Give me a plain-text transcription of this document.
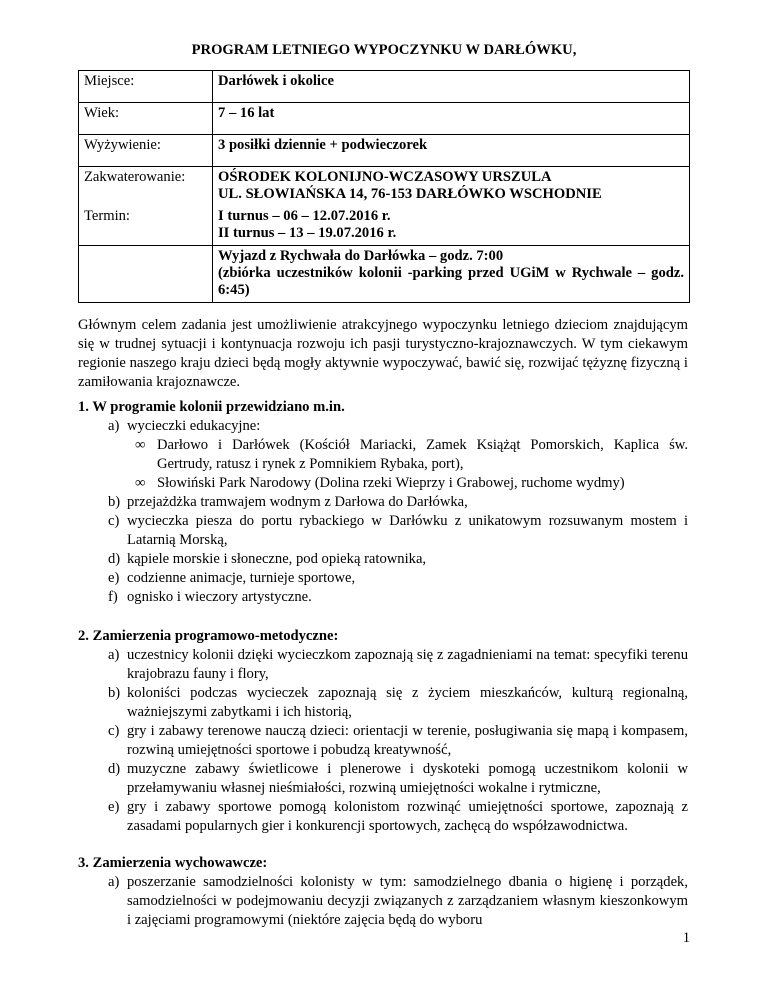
PROGRAM LETNIEGO WYPOCZYNKU W DARŁÓWKU,
Miejsce:	Darłówek i okolice
Wiek:	7 – 16 lat
Wyżywienie:	3 posiłki dziennie + podwieczorek

Zakwaterowanie:	OŚRODEK KOLONIJNO-WCZASOWY URSZULA
UL. SŁOWIAŃSKA 14, 76-153 DARŁÓWKO WSCHODNIE

Termin:	I turnus – 06 – 12.07.2016 r.
II turnus – 13 – 19.07.2016 r.

	Wyjazd z Rychwała do Darłówka – godz. 7:00
(zbiórka uczestników kolonii -parking przed UGiM w Rychwale – godz. 6:45)

Głównym celem zadania jest umożliwienie atrakcyjnego wypoczynku letniego dzieciom znajdującym się w trudnej sytuacji i kontynuacja rozwoju ich pasji turystyczno-krajoznawczych. W tym ciekawym regionie naszego kraju dzieci będą mogły aktywnie wypoczywać, bawić się, rozwijać tężyznę fizyczną i zamiłowania krajoznawcze.

1. W programie kolonii przewidziano m.in.
a) wycieczki edukacyjne:
∞ Darłowo i Darłówek (Kościół Mariacki, Zamek Książąt Pomorskich, Kaplica św. Gertrudy, ratusz i rynek z Pomnikiem Rybaka, port),
∞ Słowiński Park Narodowy (Dolina rzeki Wieprzy i Grabowej, ruchome wydmy)
b) przejażdżka tramwajem wodnym z Darłowa do Darłówka,
c) wycieczka piesza do portu rybackiego w Darłówku z unikatowym rozsuwanym mostem i Latarnią Morską,
d) kąpiele morskie i słoneczne, pod opieką ratownika,
e) codzienne animacje, turnieje sportowe,
f) ognisko i wieczory artystyczne.
2. Zamierzenia programowo-metodyczne:
a) uczestnicy kolonii dzięki wycieczkom zapoznają się z zagadnieniami na temat: specyfiki terenu krajobrazu fauny i flory,
b) koloniści podczas wycieczek zapoznają się z życiem mieszkańców, kulturą regionalną, ważniejszymi zabytkami i ich historią,
c) gry i zabawy terenowe nauczą dzieci: orientacji w terenie, posługiwania się mapą i kompasem, rozwiną umiejętności sportowe i pobudzą kreatywność,
d) muzyczne zabawy świetlicowe i plenerowe i dyskoteki pomogą uczestnikom kolonii w przełamywaniu własnej nieśmiałości, rozwiną umiejętności wokalne i rytmiczne,
e) gry i zabawy sportowe pomogą kolonistom rozwinąć umiejętności sportowe, zapoznają z zasadami popularnych gier i konkurencji sportowych, zachęcą do współzawodnictwa.
3. Zamierzenia wychowawcze:
a) poszerzanie samodzielności kolonisty w tym: samodzielnego dbania o higienę i porządek, samodzielności w podejmowaniu decyzji związanych z zarządzaniem własnym kieszonkowym i zajęciami programowymi (niektóre zajęcia będą do wyboru
1
